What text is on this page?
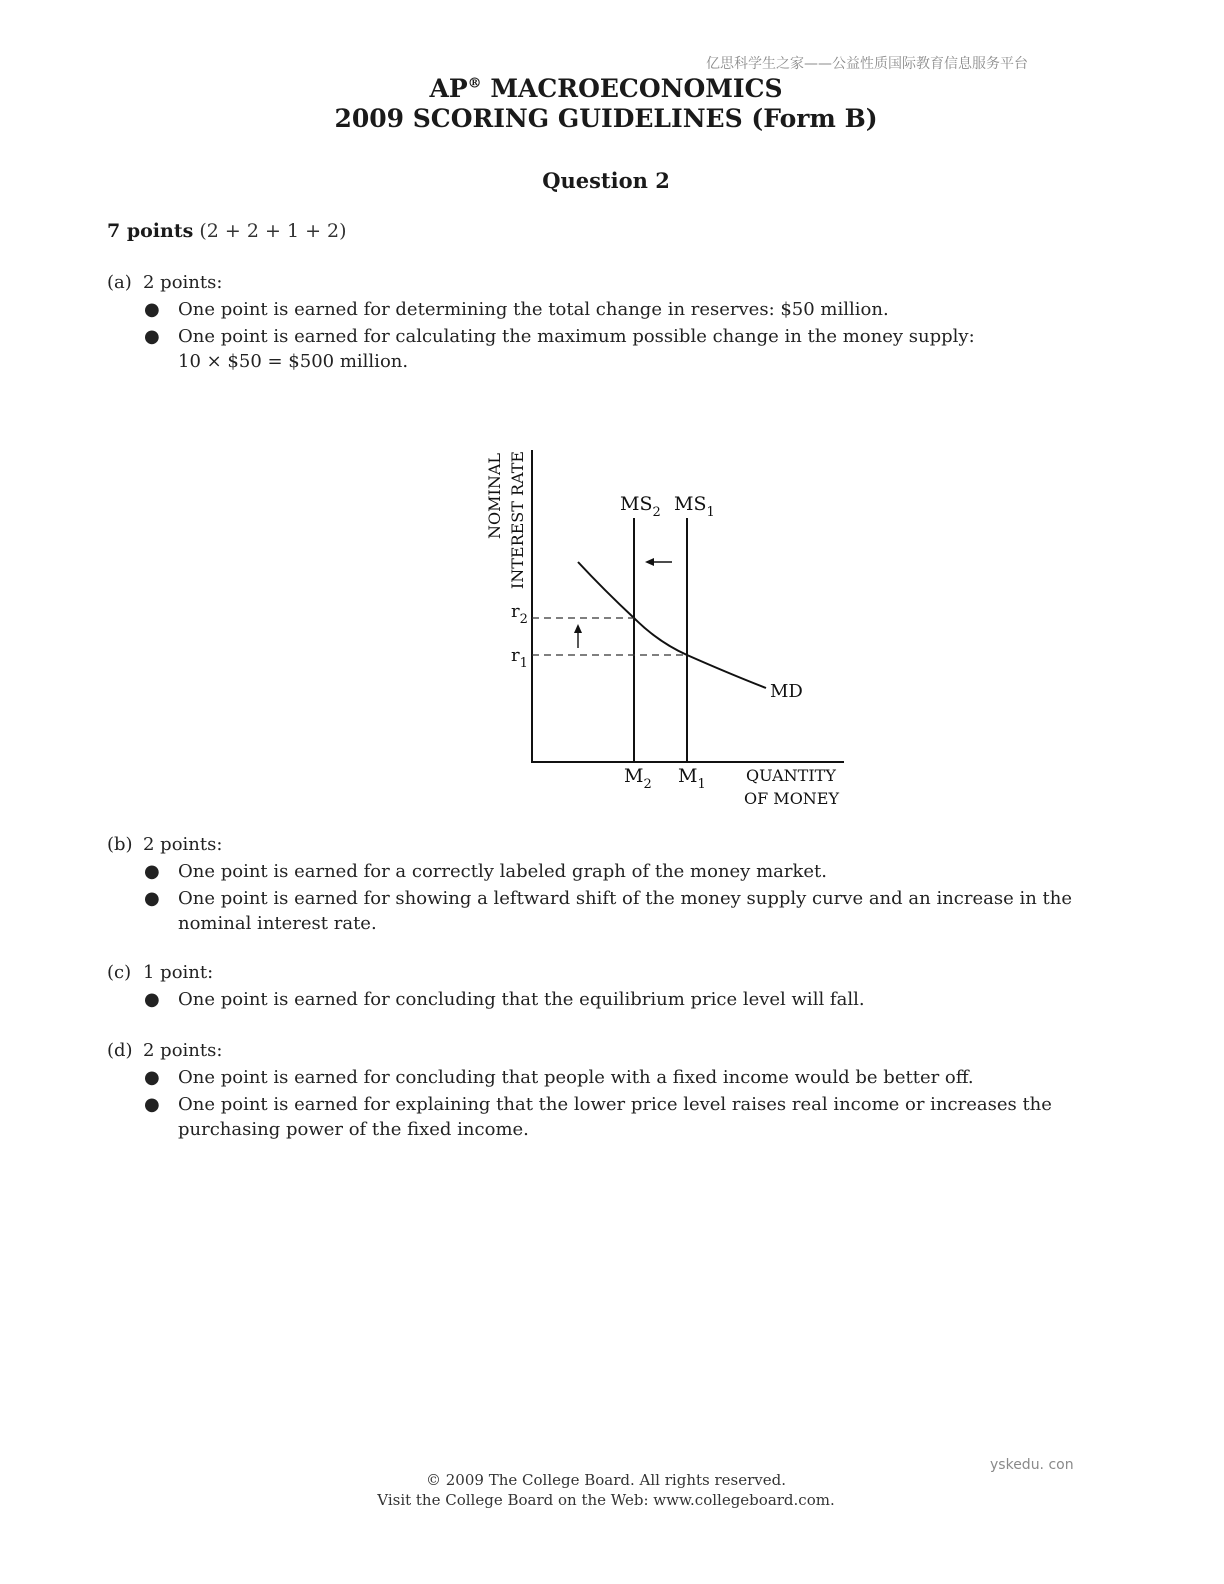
亿思科学生之家——公益性质国际教育信息服务平台
AP® MACROECONOMICS
2009 SCORING GUIDELINES (Form B)
Question 2
7 points (2 + 2 + 1 + 2)
(a) 2 points:
● One point is earned for determining the total change in reserves: $50 million.
● One point is earned for calculating the maximum possible change in the money supply:
10 × $50 = $500 million.
NOMINAL INTEREST RATE
$r_2$
$r_1$
$MS_2$ $MS_1$
MD
$M_2$ $M_1$	QUANTITY
OF MONEY
(b) 2 points:
● One point is earned for a correctly labeled graph of the money market.
● One point is earned for showing a leftward shift of the money supply curve and an increase in the nominal interest rate.
(c) 1 point:
● One point is earned for concluding that the equilibrium price level will fall.
(d) 2 points:
● One point is earned for concluding that people with a fixed income would be better off.
● One point is earned for explaining that the lower price level raises real income or increases the purchasing power of the fixed income.
yskedu. con
© 2009 The College Board. All rights reserved.
Visit the College Board on the Web: www.collegeboard.com.
